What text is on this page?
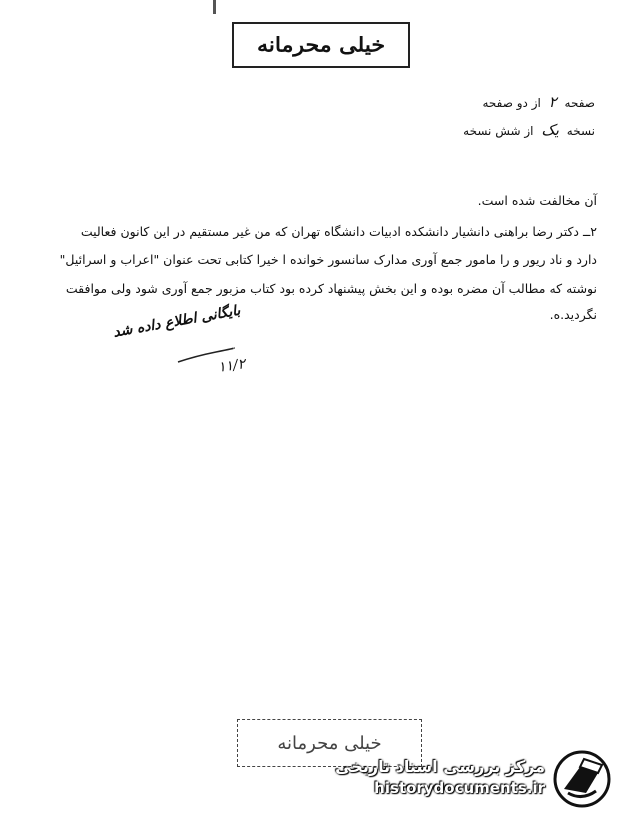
خیلی محرمانه
صفحه ۲ از دو صفحه
نسخه یک از شش نسخه
آن مخالفت شده است.
۲ــ دکتر رضا براهنی دانشیار دانشکده ادبیات دانشگاه تهران که من غیر مستقیم در این کانون فعالیت
دارد و ناد ریور و را مامور جمع آوری مدارک سانسور خوانده ا خیرا کتابی تحت عنوان "اعراب و اسرائیل"
نوشته که مطالب آن مضره بوده و این بخش پیشنهاد کرده بود کتاب مزبور جمع آوری شود ولی موافقت
نگردید.ه.
بایگانی اطلاع داده شد
۱۱/۲
خیلی محرمانه
مرکز بررسی اسناد تاریخی
historydocuments.ir
